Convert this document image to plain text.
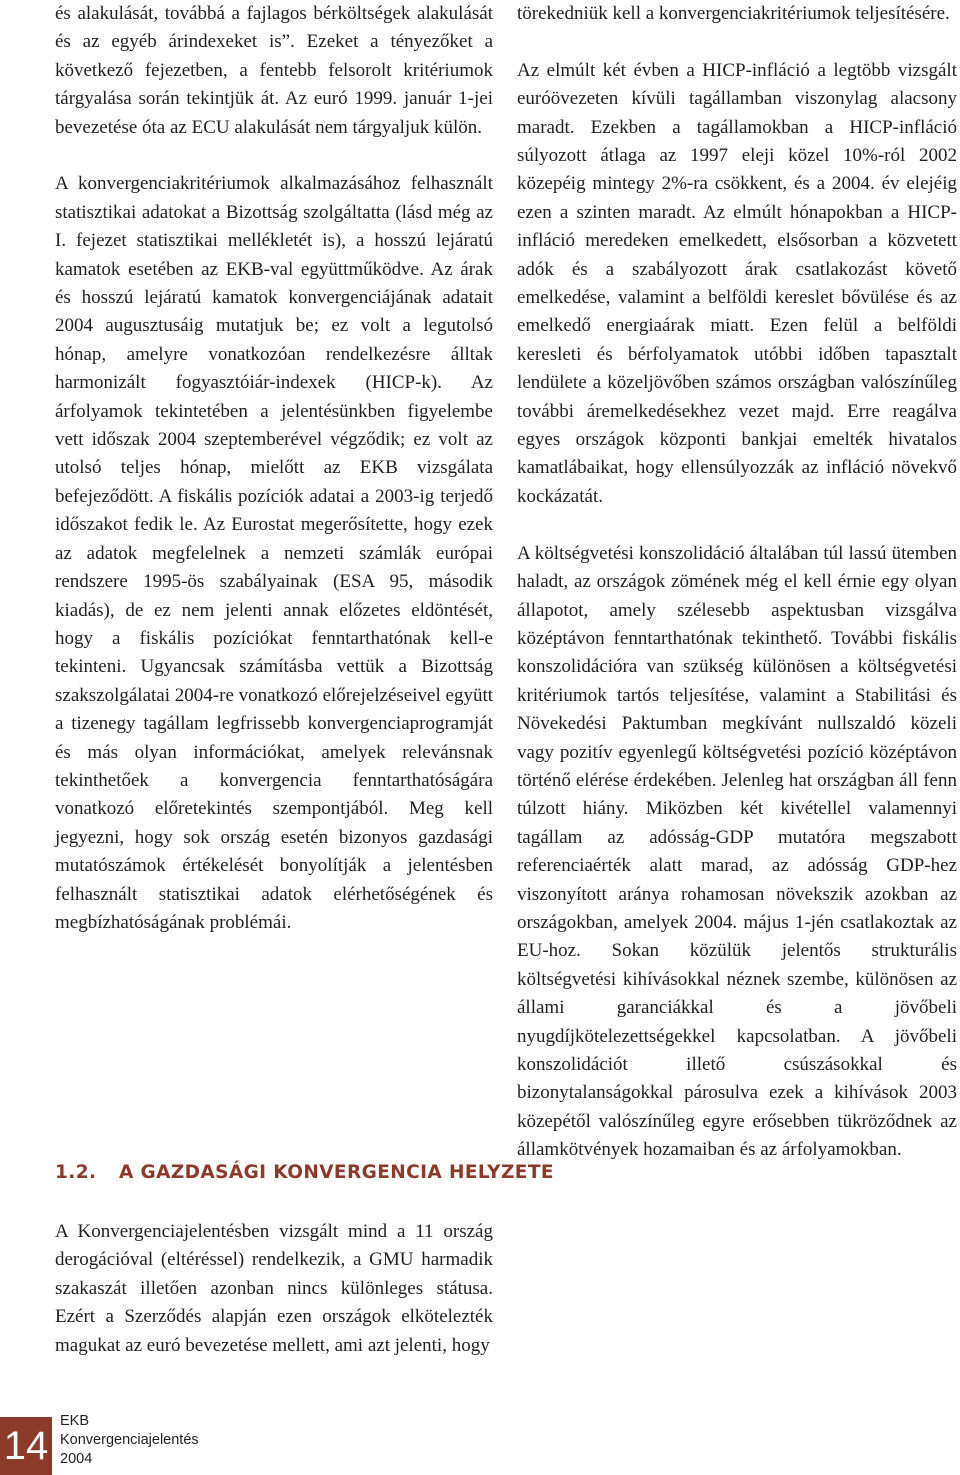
és alakulását, továbbá a fajlagos bérköltségek alakulását és az egyéb árindexeket is”. Ezeket a tényezőket a következő fejezetben, a fentebb felsorolt kritériumok tárgyalása során tekintjük át. Az euró 1999. január 1-jei bevezetése óta az ECU alakulását nem tárgyaljuk külön.

A konvergenciakritériumok alkalmazásához felhasznált statisztikai adatokat a Bizottság szolgáltatta (lásd még az I. fejezet statisztikai mellékletét is), a hosszú lejáratú kamatok esetében az EKB-val együttműködve. Az árak és hosszú lejáratú kamatok konvergenciájának adatait 2004 augusztusáig mutatjuk be; ez volt a legutolsó hónap, amelyre vonatkozóan rendelkezésre álltak harmonizált fogyasztóiár-indexek (HICP-k). Az árfolyamok tekintetében a jelentésünkben figyelembe vett időszak 2004 szeptemberével végződik; ez volt az utolsó teljes hónap, mielőtt az EKB vizsgálata befejeződött. A fiskális pozíciók adatai a 2003-ig terjedő időszakot fedik le. Az Eurostat megerősítette, hogy ezek az adatok megfelelnek a nemzeti számlák európai rendszere 1995-ös szabályainak (ESA 95, második kiadás), de ez nem jelenti annak előzetes eldöntését, hogy a fiskális pozíciókat fenntarthatónak kell-e tekinteni. Ugyancsak számításba vettük a Bizottság szakszolgálatai 2004-re vonatkozó előrejelzéseivel együtt a tizenegy tagállam legfrissebb konvergenciaprogramját és más olyan információkat, amelyek relevánsnak tekinthetőek a konvergencia fenntarthatóságára vonatkozó előretekintés szempontjából. Meg kell jegyezni, hogy sok ország esetén bizonyos gazdasági mutatószámok értékelését bonyolítják a jelentésben felhasznált statisztikai adatok elérhetőségének és megbízhatóságának problémái.

1.2. A GAZDASÁGI KONVERGENCIA HELYZETE

A Konvergenciajelentésben vizsgált mind a 11 ország derogációval (eltéréssel) rendelkezik, a GMU harmadik szakaszát illetően azonban nincs különleges státusa. Ezért a Szerződés alapján ezen országok elkötelezték magukat az euró bevezetése mellett, ami azt jelenti, hogy

törekedniük kell a konvergenciakritériumok teljesítésére.

Az elmúlt két évben a HICP-infláció a legtöbb vizsgált euróövezeten kívüli tagállamban viszonylag alacsony maradt. Ezekben a tagállamokban a HICP-infláció súlyozott átlaga az 1997 eleji közel 10%-ról 2002 közepéig mintegy 2%-ra csökkent, és a 2004. év elejéig ezen a szinten maradt. Az elmúlt hónapokban a HICP-infláció meredeken emelkedett, elsősorban a közvetett adók és a szabályozott árak csatlakozást követő emelkedése, valamint a belföldi kereslet bővülése és az emelkedő energiaárak miatt. Ezen felül a belföldi keresleti és bérfolyamatok utóbbi időben tapasztalt lendülete a közeljövőben számos országban valószínűleg további áremelkedésekhez vezet majd. Erre reagálva egyes országok központi bankjai emelték hivatalos kamatlábaikat, hogy ellensúlyozzák az infláció növekvő kockázatát.

A költségvetési konszolidáció általában túl lassú ütemben haladt, az országok zömének még el kell érnie egy olyan állapotot, amely szélesebb aspektusban vizsgálva középtávon fenntarthatónak tekinthető. További fiskális konszolidációra van szükség különösen a költségvetési kritériumok tartós teljesítése, valamint a Stabilitási és Növekedési Paktumban megkívánt nullszaldó közeli vagy pozitív egyenlegű költségvetési pozíció középtávon történő elérése érdekében. Jelenleg hat országban áll fenn túlzott hiány. Miközben két kivétellel valamennyi tagállam az adósság-GDP mutatóra megszabott referenciaérték alatt marad, az adósság GDP-hez viszonyított aránya rohamosan növekszik azokban az országokban, amelyek 2004. május 1-jén csatlakoztak az EU-hoz. Sokan közülük jelentős strukturális költségvetési kihívásokkal néznek szembe, különösen az állami garanciákkal és a jövőbeli nyugdíjkötelezettségekkel kapcsolatban. A jövőbeli konszolidációt illető csúszásokkal és bizonytalanságokkal párosulva ezek a kihívások 2003 közepétől valószínűleg egyre erősebben tükröződnek az államkötvények hozamaiban és az árfolyamokban.

14
EKB
Konvergenciajelentés
2004
